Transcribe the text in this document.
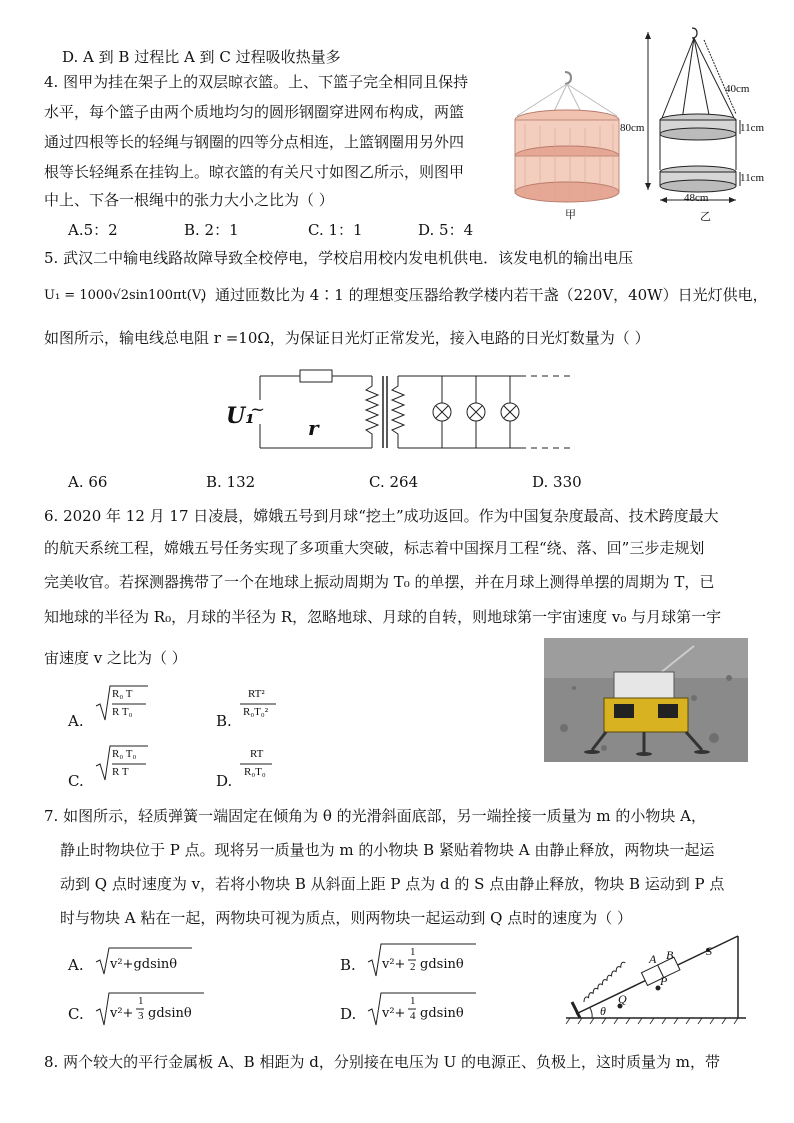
D. A 到 B 过程比 A 到 C 过程吸收热量多
4. 图甲为挂在架子上的双层晾衣篮。上、下篮子完全相同且保持
水平，每个篮子由两个质地均匀的圆形钢圈穿进网布构成，两篮
通过四根等长的轻绳与钢圈的四等分点相连，上篮钢圈用另外四
根等长轻绳系在挂钩上。晾衣篮的有关尺寸如图乙所示，则图甲
中上、下各一根绳中的张力大小之比为（ ）
A.5：2	B. 2：1	C. 1：1	D. 5：4
甲
40cm
80cm	11cm
11cm
48cm
乙
5. 武汉二中输电线路故障导致全校停电，学校启用校内发电机供电．该发电机的输出电压
U₁ = 1000√2sin100πt(V)
，通过匝数比为 4∶1 的理想变压器给教学楼内若干盏（220V，40W）日光灯供电，
如图所示，输电线总电阻 r =10Ω，为保证日光灯正常发光，接入电路的日光灯数量为（ ）
U₁
~
r
A. 66	B. 132	C. 264	D. 330
6. 2020 年 12 月 17 日凌晨，嫦娥五号到月球“挖土”成功返回。作为中国复杂度最高、技术跨度最大
的航天系统工程，嫦娥五号任务实现了多项重大突破，标志着中国探月工程“绕、落、回”三步走规划
完美收官。若探测器携带了一个在地球上振动周期为 T₀ 的单摆，并在月球上测得单摆的周期为 T，已
知地球的半径为 R₀，月球的半径为 R，忽略地球、月球的自转，则地球第一宇宙速度 v₀ 与月球第一宇
宙速度 v 之比为（ ）
A.
R₀ T
R T₀	B.
RT²
R₀T₀²
C.
R₀ T₀
R T	D.
RT
R₀T₀
7. 如图所示，轻质弹簧一端固定在倾角为 θ 的光滑斜面底部，另一端拴接一质量为 m 的小物块 A，
静止时物块位于 P 点。现将另一质量也为 m 的小物块 B 紧贴着物块 A 由静止释放，两物块一起运
动到 Q 点时速度为 v，若将小物块 B 从斜面上距 P 点为 d 的 S 点由静止释放，物块 B 运动到 P 点
时与物块 A 粘在一起，两物块可视为质点，则两物块一起运动到 Q 点时的速度为（ ）
A. v²+gdsinθ	B. v²+
1
2 gdsinθ
C. v²+
1
3 gdsinθ	D. v²+
1
4 gdsinθ
A B	S
P
Q
θ
8. 两个较大的平行金属板 A、B 相距为 d，分别接在电压为 U 的电源正、负极上，这时质量为 m，带
